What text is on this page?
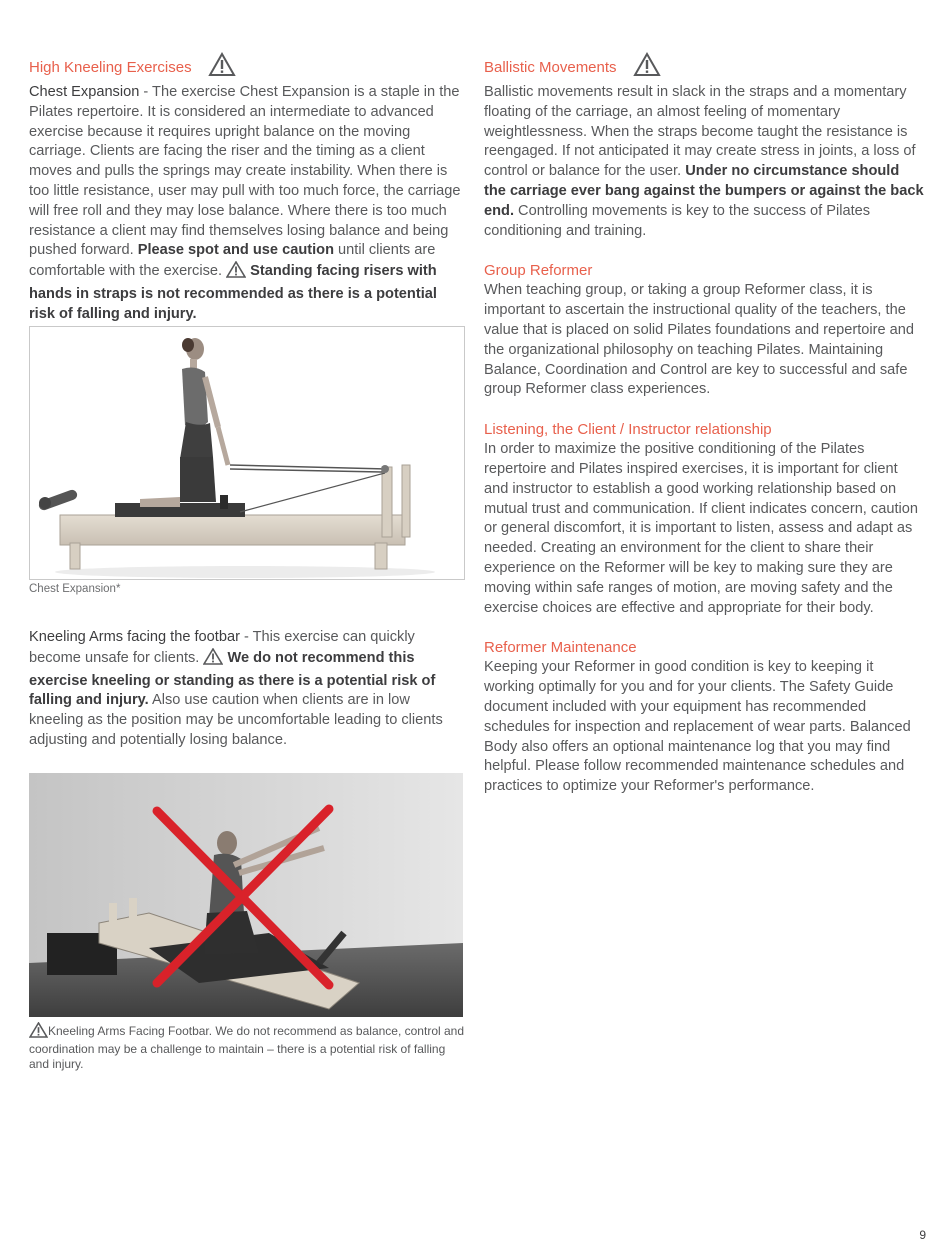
High Kneeling Exercises

Chest Expansion - The exercise Chest Expansion is a staple in the Pilates repertoire. It is considered an intermediate to advanced exercise because it requires upright balance on the moving carriage. Clients are facing the riser and the timing as a client moves and pulls the springs may create instability. When there is too little resistance, user may pull with too much force, the carriage will free roll and they may lose balance. Where there is too much resistance a client may find themselves losing balance and being pushed forward. Please spot and use caution until clients are comfortable with the exercise.  Standing facing risers with hands in straps is not recommended as there is a potential risk of falling and injury.

Chest Expansion*

Kneeling Arms facing the footbar - This exercise can quickly become unsafe for clients.  We do not recommend this exercise kneeling or standing as there is a potential risk of falling and injury. Also use caution when clients are in low kneeling as the position may be uncomfortable leading to clients adjusting and potentially losing balance.

Kneeling Arms Facing Footbar. We do not recommend as balance, control and coordination may be a challenge to maintain – there is a potential risk of falling and injury.
Ballistic Movements

Ballistic movements result in slack in the straps and a momentary floating of the carriage, an almost feeling of momentary weightlessness. When the straps become taught the resistance is reengaged. If not anticipated it may create stress in joints, a loss of control or balance for the user. Under no circumstance should the carriage ever bang against the bumpers or against the back end. Controlling movements is key to the success of Pilates conditioning and training.

Group Reformer

When teaching group, or taking a group Reformer class, it is important to ascertain the instructional quality of the teachers, the value that is placed on solid Pilates foundations and repertoire and the organizational philosophy on teaching Pilates. Maintaining Balance, Coordination and Control are key to successful and safe group Reformer class experiences.

Listening, the Client / Instructor relationship

In order to maximize the positive conditioning of the Pilates repertoire and Pilates inspired exercises, it is important for client and instructor to establish a good working relationship based on mutual trust and communication. If client indicates concern, caution or general discomfort, it is important to listen, assess and adapt as needed. Creating an environment for the client to share their experience on the Reformer will be key to making sure they are moving within safe ranges of motion, are moving safety and the exercise choices are effective and appropriate for their body.

Reformer Maintenance

Keeping your Reformer in good condition is key to keeping it working optimally for you and for your clients. The Safety Guide document included with your equipment has recommended schedules for inspection and replacement of wear parts. Balanced Body also offers an optional maintenance log that you may find helpful. Please follow recommended maintenance schedules and practices to optimize your Reformer's performance.

9
